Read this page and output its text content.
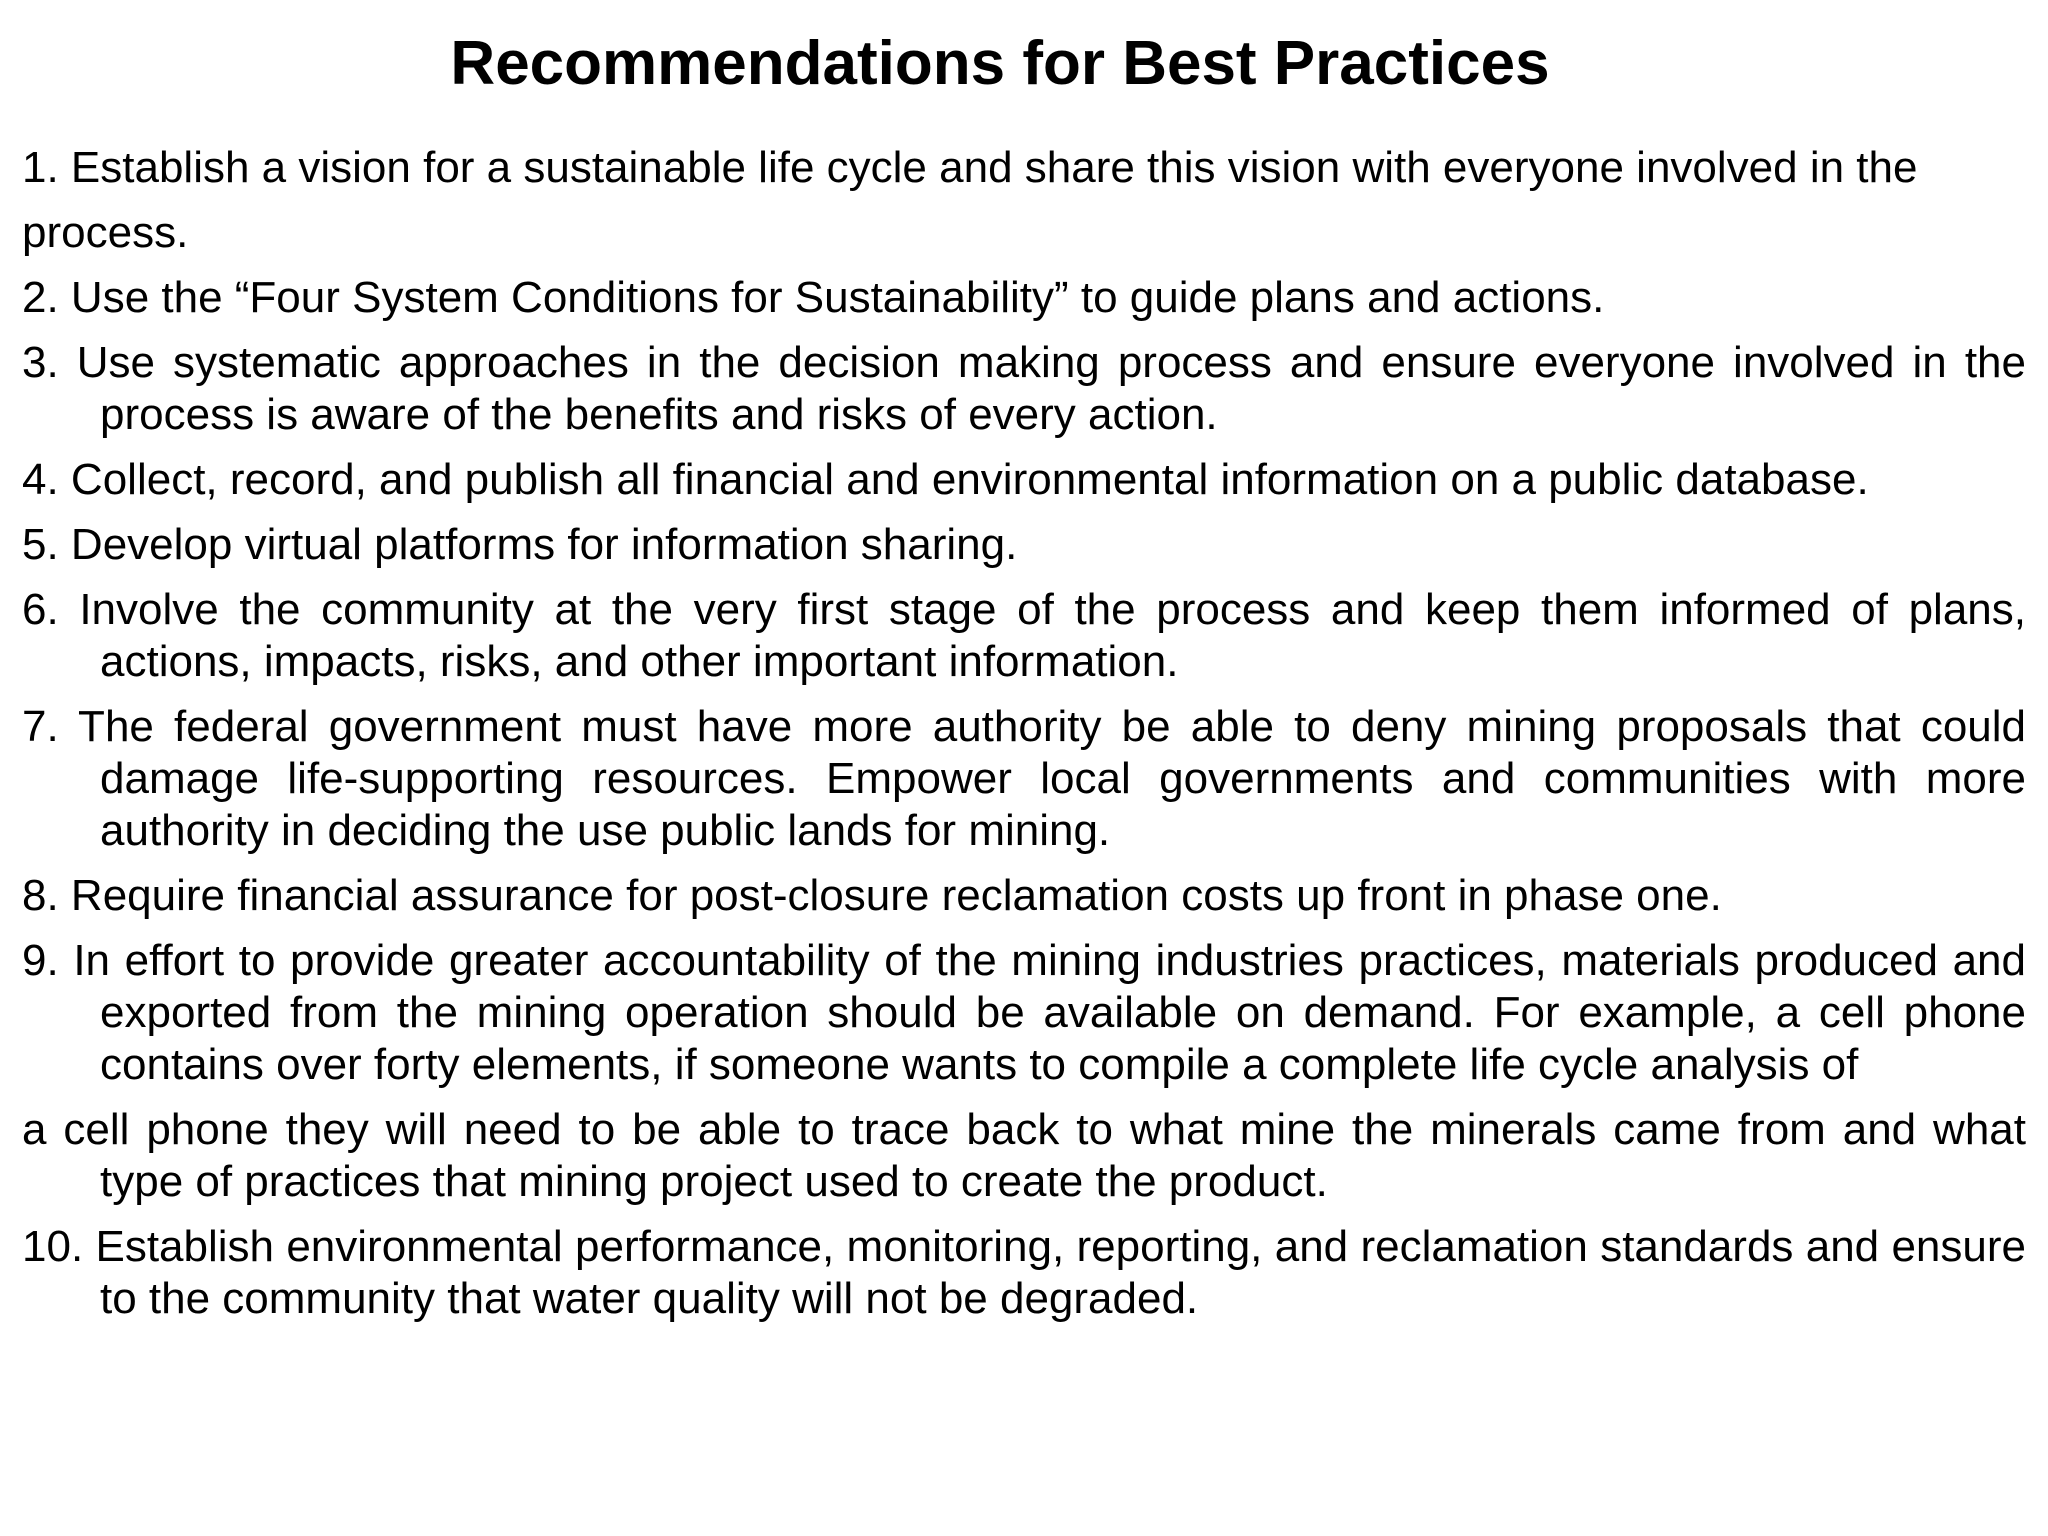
Recommendations for Best Practices

1. Establish a vision for a sustainable life cycle and share this vision with everyone involved in the

process.

2. Use the “Four System Conditions for Sustainability” to guide plans and actions.

3. Use systematic approaches in the decision making process and ensure everyone involved in the process is aware of the benefits and risks of every action.

4. Collect, record, and publish all financial and environmental information on a public database.

5. Develop virtual platforms for information sharing.

6. Involve the community at the very first stage of the process and keep them informed of plans, actions, impacts, risks, and other important information.

7. The federal government must have more authority be able to deny mining proposals that could damage life-supporting resources. Empower local governments and communities with more authority in deciding the use public lands for mining.

8. Require financial assurance for post-closure reclamation costs up front in phase one.

9. In effort to provide greater accountability of the mining industries practices, materials produced and exported from the mining operation should be available on demand. For example, a cell phone contains over forty elements, if someone wants to compile a complete life cycle analysis of

a cell phone they will need to be able to trace back to what mine the minerals came from and what type of practices that mining project used to create the product.

10. Establish environmental performance, monitoring, reporting, and reclamation standards and ensure to the community that water quality will not be degraded.
